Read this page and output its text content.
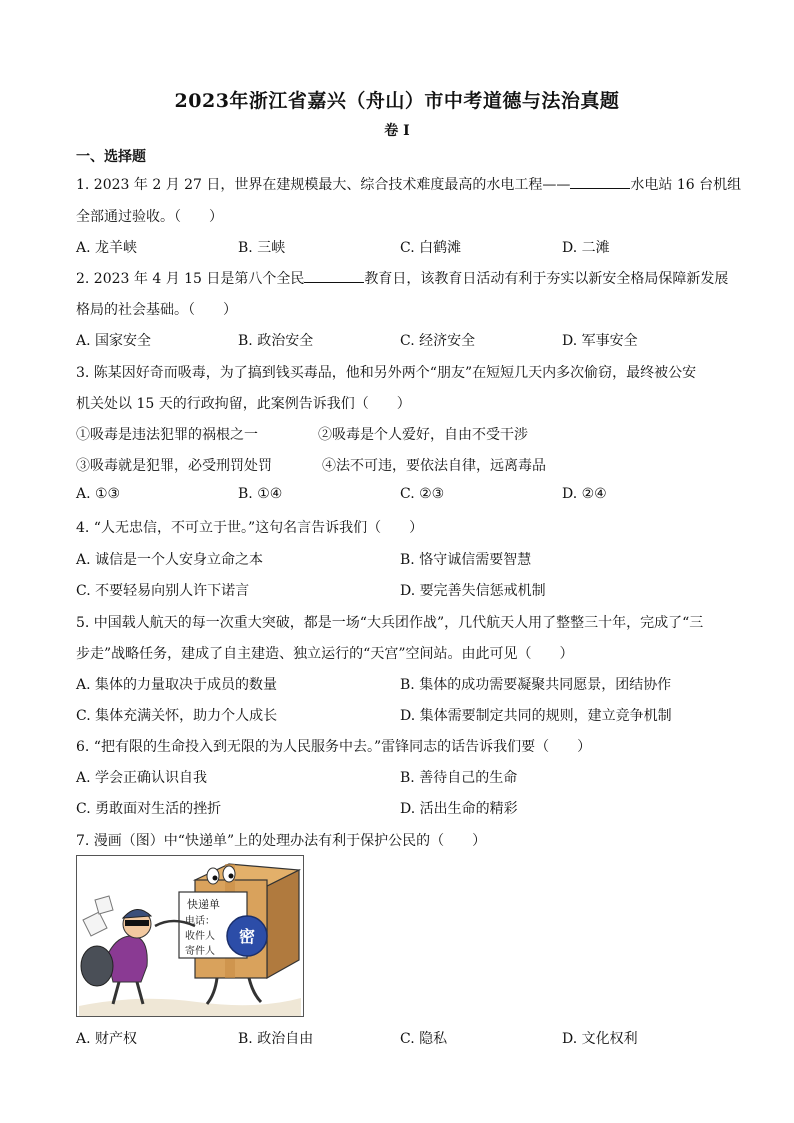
2023年浙江省嘉兴（舟山）市中考道德与法治真题
卷 I
一、选择题
1. 2023 年 2 月 27 日，世界在建规模最大、综合技术难度最高的水电工程——	水电站 16 台机组
全部通过验收。（　　）
A. 龙羊峡	B. 三峡	C. 白鹤滩	D. 二滩
2. 2023 年 4 月 15 日是第八个全民	教育日，该教育日活动有利于夯实以新安全格局保障新发展
格局的社会基础。（　　）
A. 国家安全	B. 政治安全	C. 经济安全	D. 军事安全
3. 陈某因好奇而吸毒，为了搞到钱买毒品，他和另外两个“朋友”在短短几天内多次偷窃，最终被公安
机关处以 15 天的行政拘留，此案例告诉我们（　　）
①吸毒是违法犯罪的祸根之一	②吸毒是个人爱好，自由不受干涉
③吸毒就是犯罪，必受刑罚处罚	④法不可违，要依法自律，远离毒品
A. ①③	B. ①④	C. ②③	D. ②④
4. “人无忠信，不可立于世。”这句名言告诉我们（　　）
A. 诚信是一个人安身立命之本	B. 恪守诚信需要智慧
C. 不要轻易向别人许下诺言	D. 要完善失信惩戒机制
5. 中国载人航天的每一次重大突破，都是一场“大兵团作战”，几代航天人用了整整三十年，完成了“三
步走”战略任务，建成了自主建造、独立运行的“天宫”空间站。由此可见（　　）
A. 集体的力量取决于成员的数量	B. 集体的成功需要凝聚共同愿景，团结协作
C. 集体充满关怀，助力个人成长	D. 集体需要制定共同的规则，建立竞争机制
6. “把有限的生命投入到无限的为人民服务中去。”雷锋同志的话告诉我们要（　　）
A. 学会正确认识自我	B. 善待自己的生命
C. 勇敢面对生活的挫折	D. 活出生命的精彩
7. 漫画（图）中“快递单”上的处理办法有利于保护公民的（　　）
快递单
电话：
收件人
寄件人
密
A. 财产权	B. 政治自由	C. 隐私	D. 文化权利
